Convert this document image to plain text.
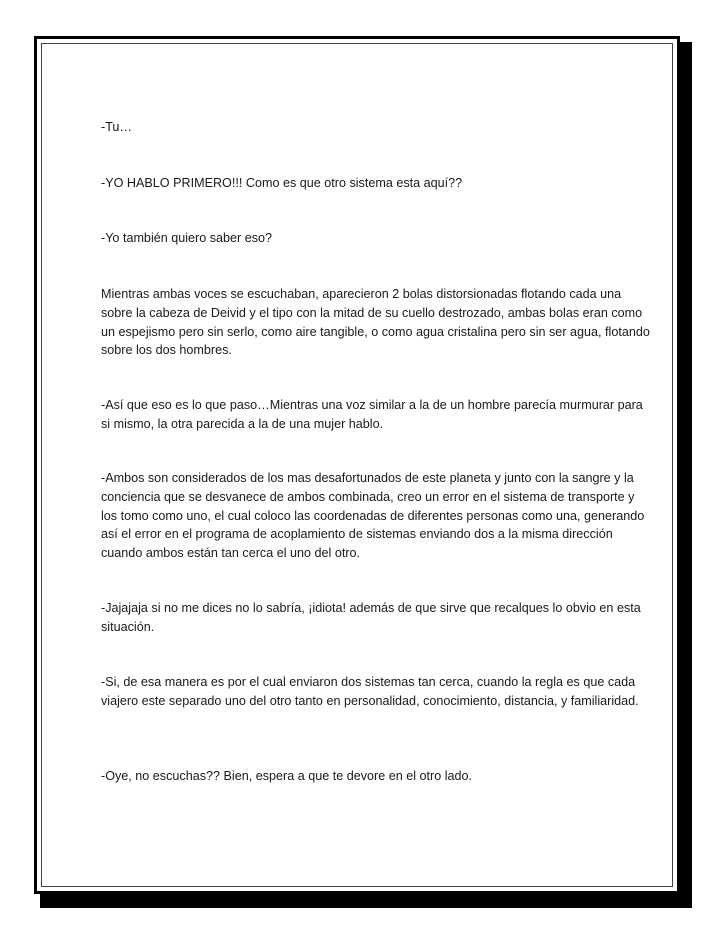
-Tu…

-YO HABLO PRIMERO!!! Como es que otro sistema esta aquí??

-Yo también quiero saber eso?

Mientras ambas voces se escuchaban, aparecieron 2 bolas distorsionadas flotando cada una sobre la cabeza de Deivid y el tipo con la mitad de su cuello destrozado, ambas bolas eran como un espejismo pero sin serlo, como aire tangible, o como agua cristalina pero sin ser agua, flotando sobre los dos hombres.

-Así que eso es lo que paso…Mientras una voz similar a la de un hombre parecía murmurar para si mismo, la otra parecida a la de una mujer hablo.

-Ambos son considerados de los mas desafortunados de este planeta y junto con la sangre y la conciencia que se desvanece de ambos combinada, creo un error en el sistema de transporte y los tomo como uno, el cual coloco las coordenadas de diferentes personas como una, generando así el error en el programa de acoplamiento de sistemas enviando dos a la misma dirección cuando ambos están tan cerca el uno del otro.

-Jajajaja si no me dices no lo sabría, ¡idiota! además de que sirve que recalques lo obvio en esta situación.

-Si, de esa manera es por el cual enviaron dos sistemas tan cerca, cuando la regla es que cada viajero este separado uno del otro tanto en personalidad, conocimiento, distancia, y familiaridad.

-Oye, no escuchas?? Bien, espera a que te devore en el otro lado.
